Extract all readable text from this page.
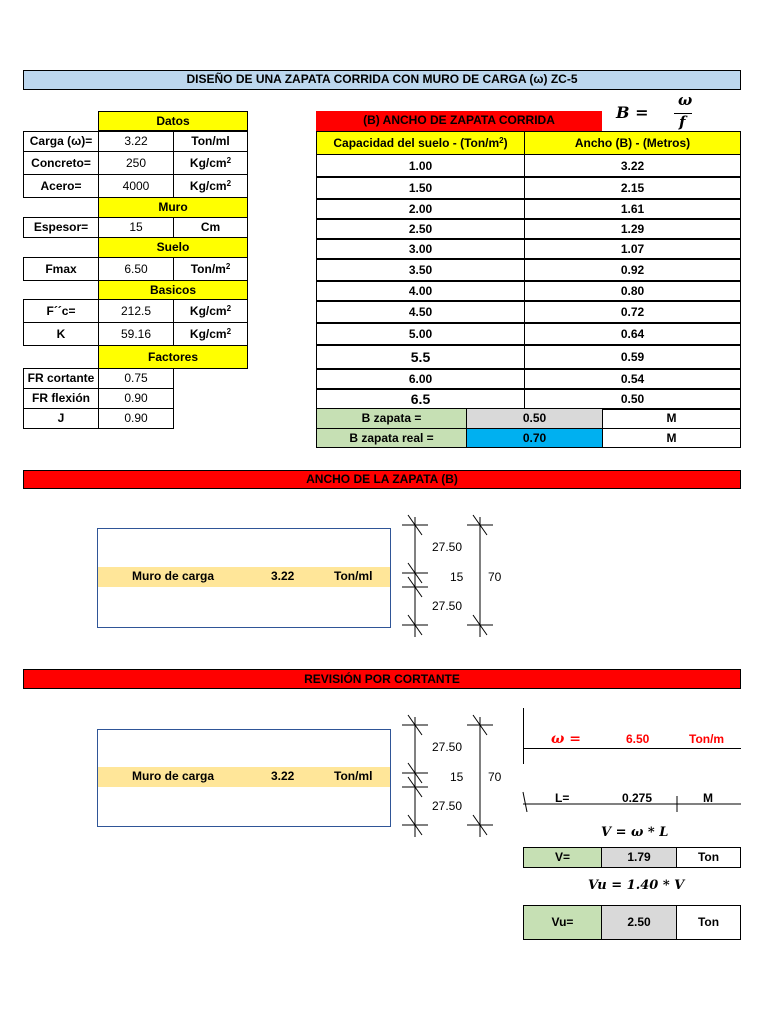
DISEÑO DE UNA ZAPATA CORRIDA CON MURO DE CARGA (ω) ZC-5
Datos
Carga (ω)=	3.22	Ton/ml
Concreto=	250	$Kg/cm^2$
Acero=	4000	$Kg/cm^2$
Muro
Espesor=	15	Cm
Suelo
Fmax	6.50	Ton/$m^2$
Basicos
F´´c=	212.5	$Kg/cm^2$
K	59.16	$Kg/cm^2$
Factores
FR cortante	0.75
FR flexión	0.90
J	0.90
(B) ANCHO DE ZAPATA CORRIDA	B =
ω
f
Capacidad del suelo - $(Ton/m^2)$	Ancho (B) - (Metros)
1.00	3.22
1.50	2.15
2.00	1.61
2.50	1.29
3.00	1.07
3.50	0.92
4.00	0.80
4.50	0.72
5.00	0.64
5.5	0.59
6.00	0.54
6.5	0.50
B zapata =	0.50	M
B zapata real =	0.70	M
ANCHO DE LA ZAPATA (B)
Muro de carga	3.22	Ton/ml
27.50
15
27.50
70
REVISIÓN POR CORTANTE
Muro de carga	3.22	Ton/ml
27.50
15
27.50
70
ω =	6.50	Ton/m
L=	0.275	M
V = ω * L
V=	1.79	Ton
Vu = 1.40 * V
Vu=	2.50	Ton
